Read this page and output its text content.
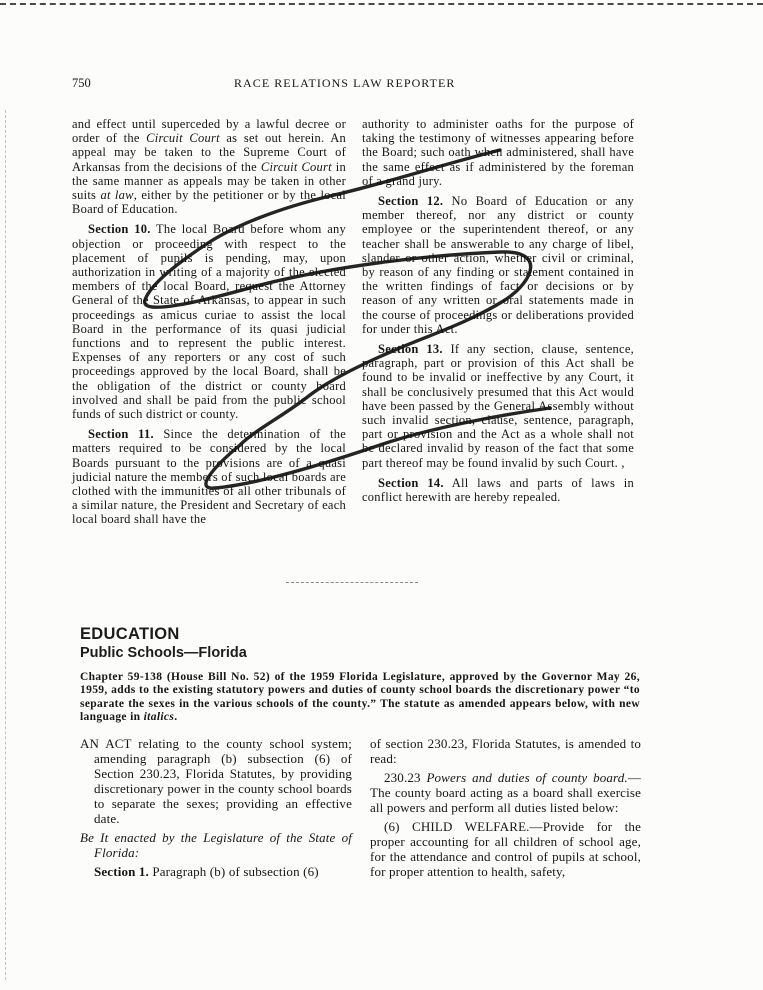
750	RACE RELATIONS LAW REPORTER

and effect until superceded by a lawful decree or order of the Circuit Court as set out herein. An appeal may be taken to the Supreme Court of Arkansas from the decisions of the Circuit Court in the same manner as appeals may be taken in other suits at law, either by the petitioner or by the local Board of Education.

Section 10. The local Board before whom any objection or proceeding with respect to the placement of pupils is pending, may, upon authorization in writing of a majority of the elected members of the local Board, request the Attorney General of the State of Arkansas, to appear in such proceedings as amicus curiae to assist the local Board in the performance of its quasi judicial functions and to represent the public interest. Expenses of any reporters or any cost of such proceedings approved by the local Board, shall be the obligation of the district or county board involved and shall be paid from the public school funds of such district or county.

Section 11. Since the determination of the matters required to be considered by the local Boards pursuant to the provisions are of a quasi judicial nature the members of such local boards are clothed with the immunities of all other tribunals of a similar nature, the President and Secretary of each local board shall have the

authority to administer oaths for the purpose of taking the testimony of witnesses appearing before the Board; such oath when administered, shall have the same effect as if administered by the foreman of a grand jury.

Section 12. No Board of Education or any member thereof, nor any district or county employee or the superintendent thereof, or any teacher shall be answerable to any charge of libel, slander or other action, whether civil or criminal, by reason of any finding or statement contained in the written findings of fact or decisions or by reason of any written or oral statements made in the course of proceedings or deliberations provided for under this Act.

Section 13. If any section, clause, sentence, paragraph, part or provision of this Act shall be found to be invalid or ineffective by any Court, it shall be conclusively presumed that this Act would have been passed by the General Assembly without such invalid section, clause, sentence, paragraph, part or provision and the Act as a whole shall not be declared invalid by reason of the fact that some part thereof may be found invalid by such Court. ,

Section 14. All laws and parts of laws in conflict herewith are hereby repealed.

EDUCATION
Public Schools—Florida

Chapter 59-138 (House Bill No. 52) of the 1959 Florida Legislature, approved by the Governor May 26, 1959, adds to the existing statutory powers and duties of county school boards the discretionary power “to separate the sexes in the various schools of the county.” The statute as amended appears below, with new language in italics.

AN ACT relating to the county school system; amending paragraph (b) subsection (6) of Section 230.23, Florida Statutes, by providing discretionary power in the county school boards to separate the sexes; providing an effective date.

Be It enacted by the Legislature of the State of Florida:

Section 1. Paragraph (b) of subsection (6)

of section 230.23, Florida Statutes, is amended to read:

230.23 Powers and duties of county board.—The county board acting as a board shall exercise all powers and perform all duties listed below:

(6) CHILD WELFARE.—Provide for the proper accounting for all children of school age, for the attendance and control of pupils at school, for proper attention to health, safety,
